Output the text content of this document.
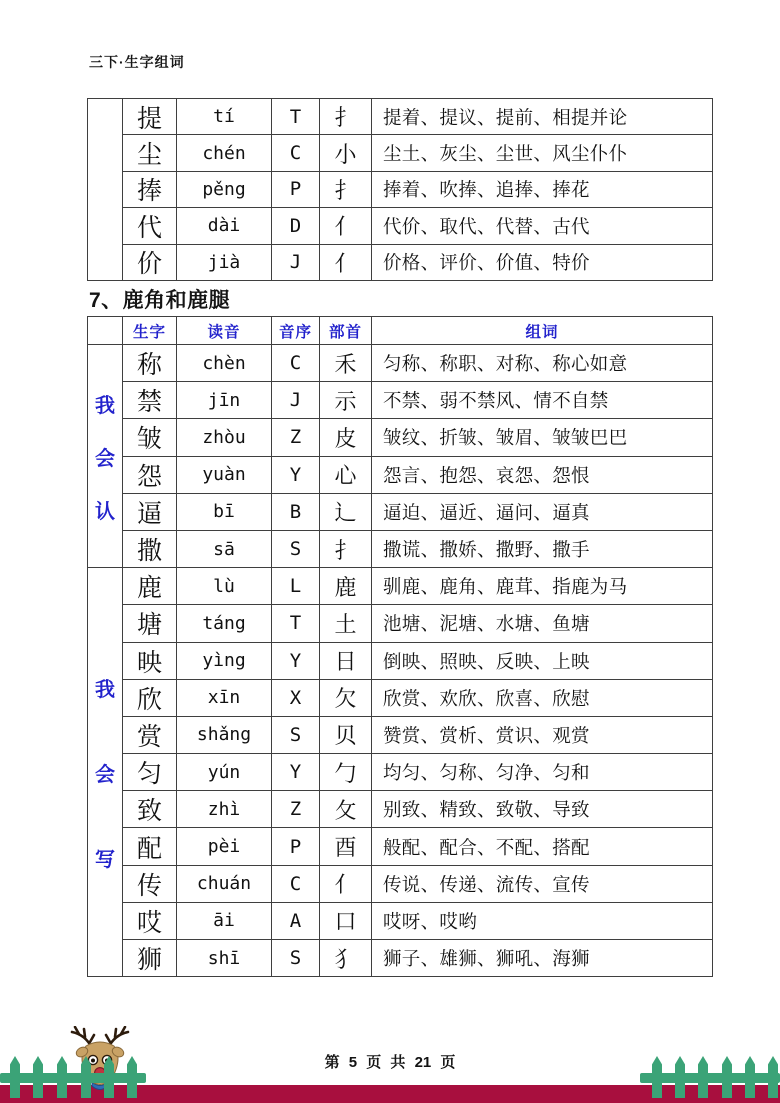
三下·生字组词
提	tí	T	扌	提着、提议、提前、相提并论
尘	chén	C	小	尘土、灰尘、尘世、风尘仆仆
捧	pěng	P	扌	捧着、吹捧、追捧、捧花
代	dài	D	亻	代价、取代、代替、古代
价	jià	J	亻	价格、评价、价值、特价
7、鹿角和鹿腿
我
会
认
我
会
写
生字	读音	音序	部首	组词
称	chèn	C	禾	匀称、称职、对称、称心如意
禁	jīn	J	示	不禁、弱不禁风、情不自禁
皱	zhòu	Z	皮	皱纹、折皱、皱眉、皱皱巴巴
怨	yuàn	Y	心	怨言、抱怨、哀怨、怨恨
逼	bī	B	辶	逼迫、逼近、逼问、逼真
撒	sā	S	扌	撒谎、撒娇、撒野、撒手
鹿	lù	L	鹿	驯鹿、鹿角、鹿茸、指鹿为马
塘	táng	T	土	池塘、泥塘、水塘、鱼塘
映	yìng	Y	日	倒映、照映、反映、上映
欣	xīn	X	欠	欣赏、欢欣、欣喜、欣慰
赏	shǎng	S	贝	赞赏、赏析、赏识、观赏
匀	yún	Y	勹	均匀、匀称、匀净、匀和
致	zhì	Z	攵	别致、精致、致敬、导致
配	pèi	P	酉	般配、配合、不配、搭配
传	chuán	C	亻	传说、传递、流传、宣传
哎	āi	A	口	哎呀、哎哟
狮	shī	S	犭	狮子、雄狮、狮吼、海狮
第 5 页 共 21 页
